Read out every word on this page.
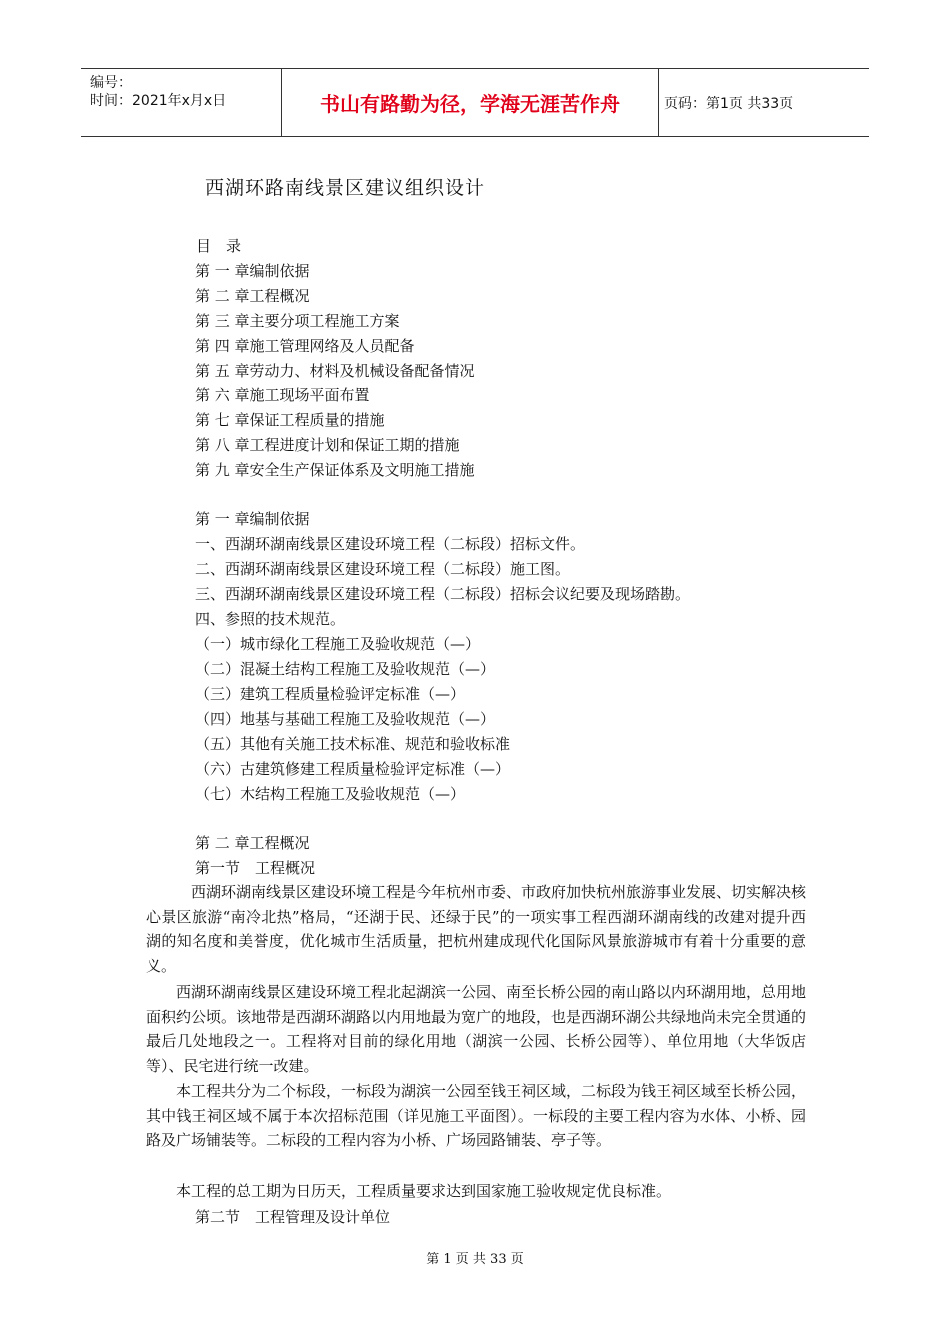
编号：
时间：2021年x月x日	书山有路勤为径，学海无涯苦作舟	页码：第1页 共33页
西湖环路南线景区建议组织设计
目　录
第 一 章编制依据
第 二 章工程概况
第 三 章主要分项工程施工方案
第 四 章施工管理网络及人员配备
第 五 章劳动力、材料及机械设备配备情况
第 六 章施工现场平面布置
第 七 章保证工程质量的措施
第 八 章工程进度计划和保证工期的措施
第 九 章安全生产保证体系及文明施工措施
第 一 章编制依据
一、西湖环湖南线景区建设环境工程（二标段）招标文件。
二、西湖环湖南线景区建设环境工程（二标段）施工图。
三、西湖环湖南线景区建设环境工程（二标段）招标会议纪要及现场踏勘。
四、参照的技术规范。
（一）城市绿化工程施工及验收规范（—）
（二）混凝土结构工程施工及验收规范（—）
（三）建筑工程质量检验评定标准（—）
（四）地基与基础工程施工及验收规范（—）
（五）其他有关施工技术标准、规范和验收标准
（六）古建筑修建工程质量检验评定标准（—）
（七）木结构工程施工及验收规范（—）
第 二 章工程概况
第一节　工程概况
　　　西湖环湖南线景区建设环境工程是今年杭州市委、市政府加快杭州旅游事业发展、切实解决核心景区旅游“南冷北热”格局，“还湖于民、还绿于民”的一项实事工程西湖环湖南线的改建对提升西湖的知名度和美誉度，优化城市生活质量，把杭州建成现代化国际风景旅游城市有着十分重要的意义。
　　西湖环湖南线景区建设环境工程北起湖滨一公园、南至长桥公园的南山路以内环湖用地，总用地面积约公顷。该地带是西湖环湖路以内用地最为宽广的地段，也是西湖环湖公共绿地尚未完全贯通的最后几处地段之一。工程将对目前的绿化用地（湖滨一公园、长桥公园等）、单位用地（大华饭店等）、民宅进行统一改建。
　　本工程共分为二个标段，一标段为湖滨一公园至钱王祠区域，二标段为钱王祠区域至长桥公园，其中钱王祠区域不属于本次招标范围（详见施工平面图）。一标段的主要工程内容为水体、小桥、园路及广场铺装等。二标段的工程内容为小桥、广场园路铺装、亭子等。
　　本工程的总工期为日历天，工程质量要求达到国家施工验收规定优良标准。
第二节　工程管理及设计单位
第 1 页 共 33 页
